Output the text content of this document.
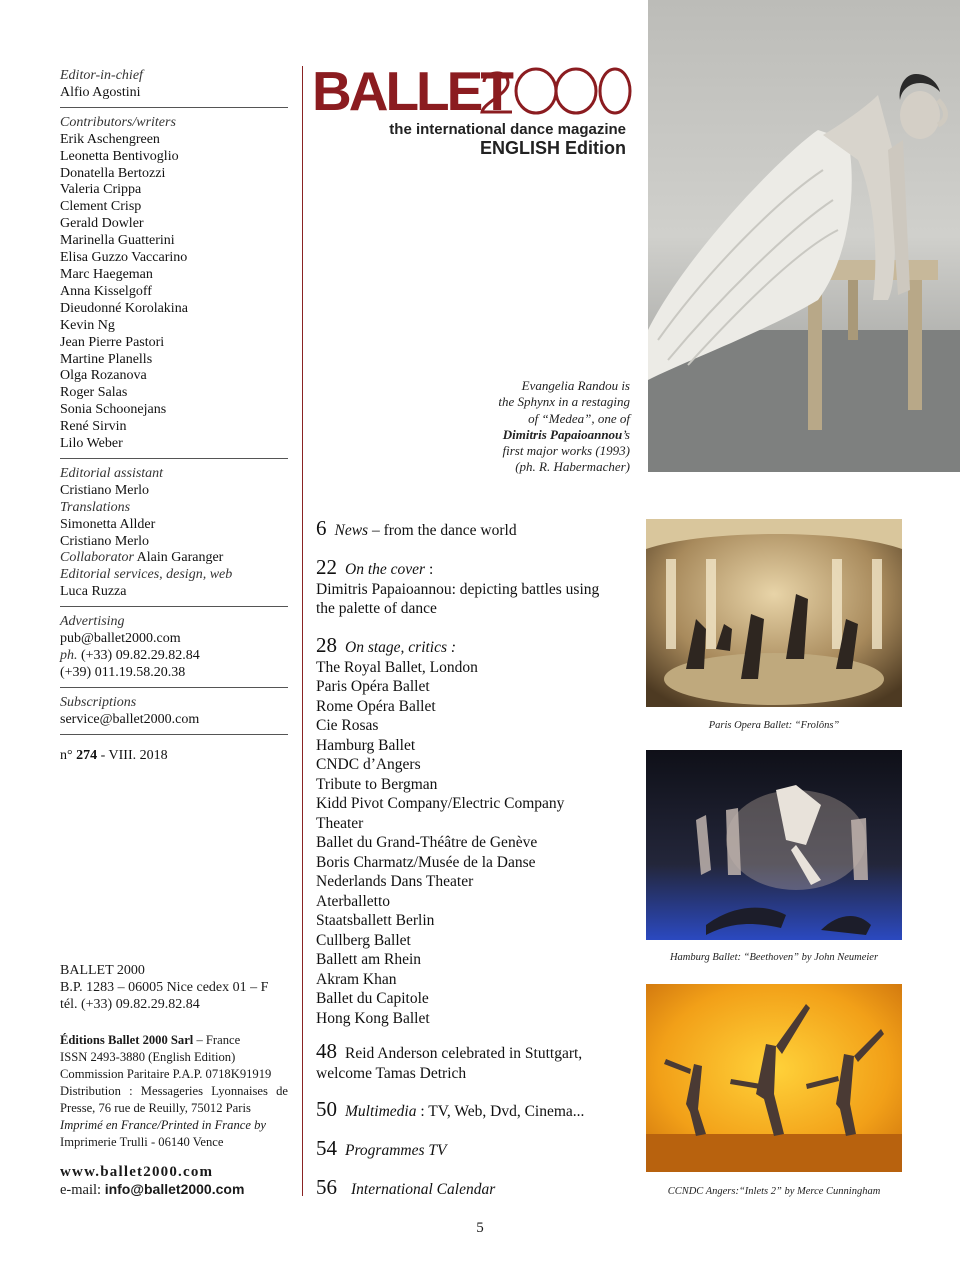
Editor-in-chief
Alfio Agostini
Contributors/writers
Erik Aschengreen
Leonetta Bentivoglio
Donatella Bertozzi
Valeria Crippa
Clement Crisp
Gerald Dowler
Marinella Guatterini
Elisa Guzzo Vaccarino
Marc Haegeman
Anna Kisselgoff
Dieudonné Korolakina
Kevin Ng
Jean Pierre Pastori
Martine Planells
Olga Rozanova
Roger Salas
Sonia Schoonejans
René Sirvin
Lilo Weber
Editorial assistant
Cristiano Merlo
Translations
Simonetta Allder
Cristiano Merlo
Collaborator Alain Garanger
Editorial services, design, web
Luca Ruzza
Advertising
pub@ballet2000.com
ph. (+33) 09.82.29.82.84
(+39) 011.19.58.20.38
Subscriptions
service@ballet2000.com
n° 274 - VIII. 2018
BALLET 2000
B.P. 1283 – 06005 Nice cedex 01 – F
tél. (+33) 09.82.29.82.84
Éditions Ballet 2000 Sarl – France
ISSN 2493-3880 (English Edition)
Commission Paritaire P.A.P. 0718K91919
Distribution : Messageries Lyonnaises de Presse, 76 rue de Reuilly, 75012 Paris
Imprimé en France/Printed in France by
Imprimerie Trulli - 06140 Vence
www.ballet2000.com
e-mail: info@ballet2000.com
BALLET	2000
the international dance magazine
ENGLISH Edition
Evangelia Randou is
the Sphynx in a restaging
of “Medea”, one of
Dimitris Papaioannou’s
first major works (1993)
(ph. R. Habermacher)
Paris Opera Ballet: “Frolôns”
Hamburg Ballet: “Beethoven” by John Neumeier
CCNDC Angers:“Inlets 2” by Merce Cunningham
6 News – from the dance world
22 On the cover :
Dimitris Papaioannou: depicting battles using the palette of dance
28 On stage, critics :
The Royal Ballet, London
Paris Opéra Ballet
Rome Opéra Ballet
Cie Rosas
Hamburg Ballet
CNDC d’Angers
Tribute to Bergman
Kidd Pivot Company/Electric Company Theater
Ballet du Grand-Théâtre de Genève
Boris Charmatz/Musée de la Danse
Nederlands Dans Theater
Aterballetto
Staatsballett Berlin
Cullberg Ballet
Ballett am Rhein
Akram Khan
Ballet du Capitole
Hong Kong Ballet
48 Reid Anderson celebrated in Stuttgart, welcome Tamas Detrich
50 Multimedia : TV, Web, Dvd, Cinema...
54 Programmes TV
56 International Calendar
5
